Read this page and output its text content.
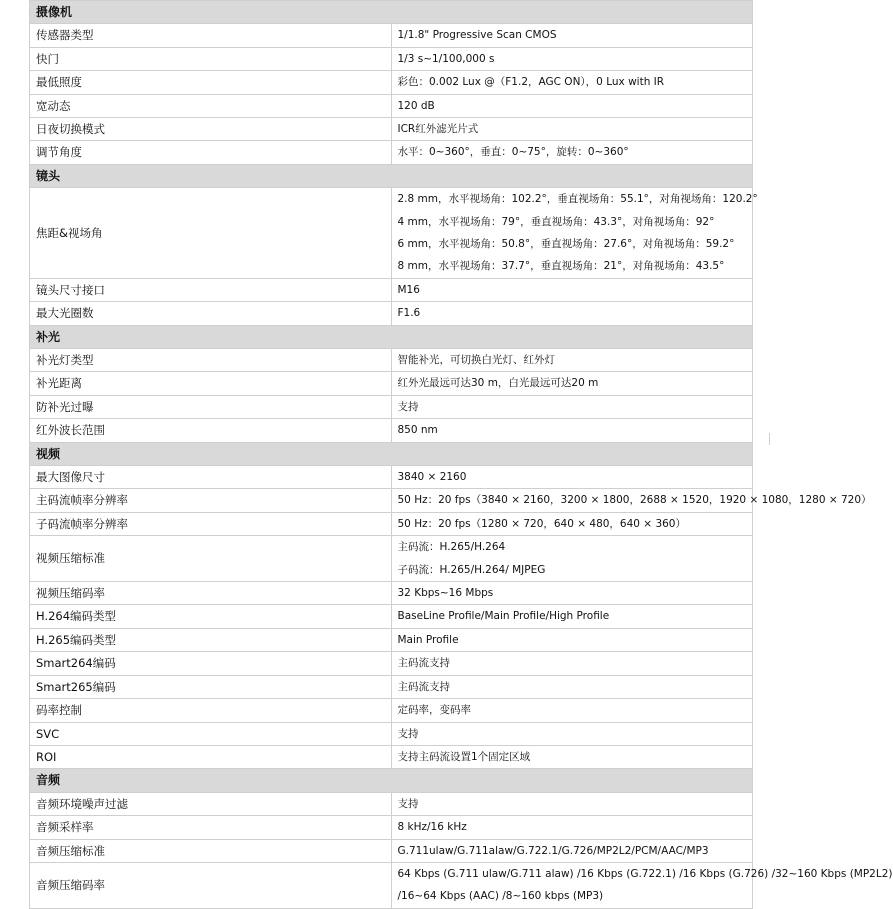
摄像机	
传感器类型	1/1.8" Progressive Scan CMOS

快门	1/3 s~1/100,000 s

最低照度	彩色：0.002 Lux @（F1.2，AGC ON），0 Lux with IR

宽动态	120 dB

日夜切换模式	ICR红外滤光片式

调节角度	水平：0~360°，垂直：0~75°，旋转：0~360°

镜头	
焦距&视场角	2.8 mm，水平视场角：102.2°，垂直视场角：55.1°，对角视场角：120.2°
4 mm，水平视场角：79°，垂直视场角：43.3°，对角视场角：92°
6 mm，水平视场角：50.8°，垂直视场角：27.6°，对角视场角：59.2°
8 mm，水平视场角：37.7°，垂直视场角：21°，对角视场角：43.5°

镜头尺寸接口	M16

最大光圈数	F1.6

补光	
补光灯类型	智能补光，可切换白光灯、红外灯

补光距离	红外光最远可达30 m，白光最远可达20 m

防补光过曝	支持

红外波长范围	850 nm

视频	
最大图像尺寸	3840 × 2160

主码流帧率分辨率	50 Hz：20 fps（3840 × 2160，3200 × 1800，2688 × 1520，1920 × 1080，1280 × 720）

子码流帧率分辨率	50 Hz：20 fps（1280 × 720，640 × 480，640 × 360）

视频压缩标准	主码流：H.265/H.264
子码流：H.265/H.264/ MJPEG

视频压缩码率	32 Kbps~16 Mbps

H.264编码类型	BaseLine Profile/Main Profile/High Profile

H.265编码类型	Main Profile

Smart264编码	主码流支持

Smart265编码	主码流支持

码率控制	定码率，变码率

SVC	支持

ROI	支持主码流设置1个固定区域

音频	
音频环境噪声过滤	支持

音频采样率	8 kHz/16 kHz

音频压缩标准	G.711ulaw/G.711alaw/G.722.1/G.726/MP2L2/PCM/AAC/MP3

音频压缩码率	64 Kbps (G.711 ulaw/G.711 alaw) /16 Kbps (G.722.1) /16 Kbps (G.726) /32~160 Kbps (MP2L2)
/16~64 Kbps (AAC) /8~160 kbps (MP3)
